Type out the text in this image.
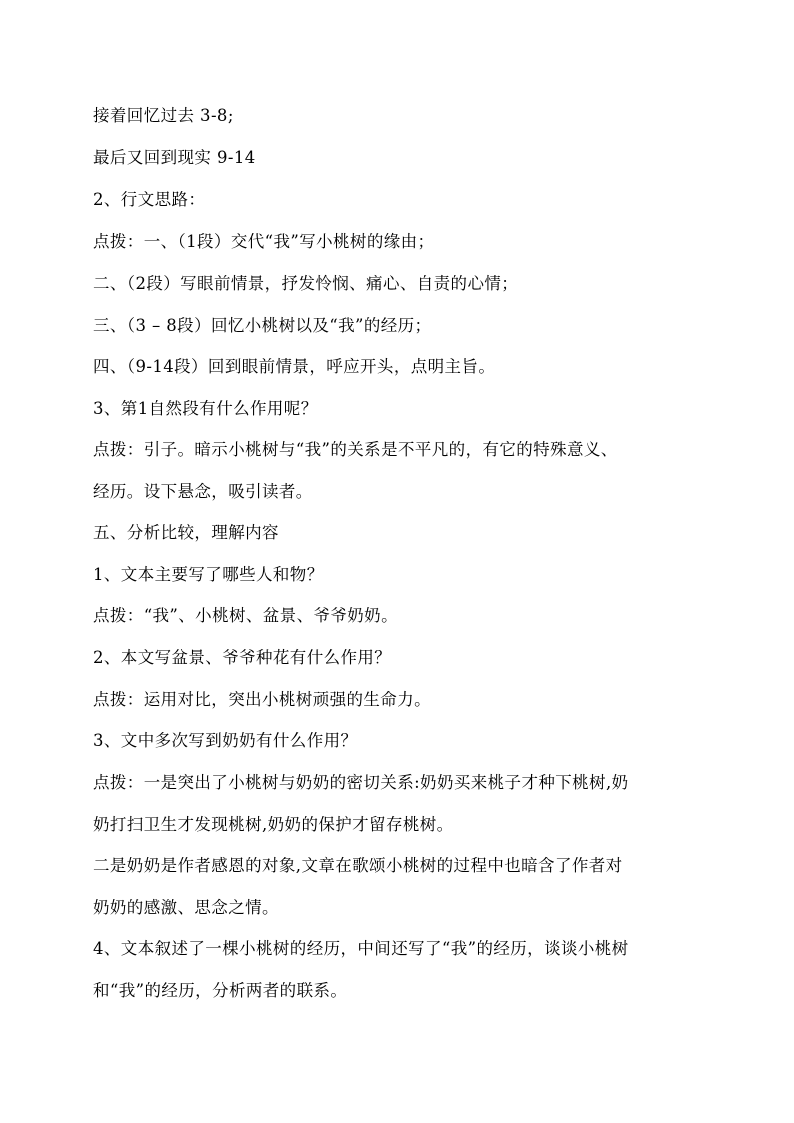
接着回忆过去 3-8;
最后又回到现实 9-14
2、行文思路：
点拨：一、（1段）交代“我”写小桃树的缘由；
二、（2段）写眼前情景，抒发怜悯、痛心、自责的心情；
三、（3 – 8段）回忆小桃树以及“我”的经历；
四、（9-14段）回到眼前情景，呼应开头，点明主旨。
3、第1自然段有什么作用呢？
点拨：引子。暗示小桃树与“我”的关系是不平凡的，有它的特殊意义、
经历。设下悬念，吸引读者。
五、分析比较，理解内容
1、文本主要写了哪些人和物？
点拨：“我”、小桃树、盆景、爷爷奶奶。
2、本文写盆景、爷爷种花有什么作用？
点拨：运用对比，突出小桃树顽强的生命力。
3、文中多次写到奶奶有什么作用？
点拨：一是突出了小桃树与奶奶的密切关系:奶奶买来桃子才种下桃树,奶
奶打扫卫生才发现桃树,奶奶的保护才留存桃树。
二是奶奶是作者感恩的对象,文章在歌颂小桃树的过程中也暗含了作者对
奶奶的感激、思念之情。
4、文本叙述了一棵小桃树的经历，中间还写了“我”的经历，谈谈小桃树
和“我”的经历，分析两者的联系。
